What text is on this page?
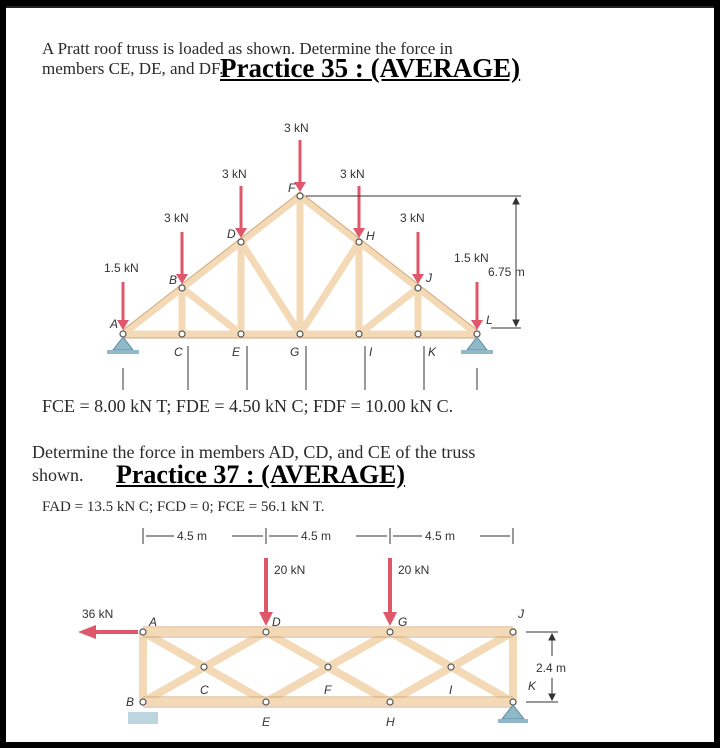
A Pratt roof truss is loaded as shown. Determine the force in
members CE, DE, and DF.
Practice 35 : (AVERAGE)
1.5 kN
3 kN
3 kN
3 kN
3 kN
3 kN
1.5 kN
6.75 m
A
B
C
D
E
F
G
H
I
J
K
L
FCE = 8.00 kN T; FDE = 4.50 kN C; FDF = 10.00 kN C.
Determine the force in members AD, CD, and CE of the truss
shown. Practice 37 : (AVERAGE)
FAD = 13.5 kN C; FCD = 0; FCE = 56.1 kN T.
4.5 m	4.5 m	4.5 m
20 kN	20 kN
36 kN
2.4 m
A
B
C
D
E
F
G
H
I
J
K
